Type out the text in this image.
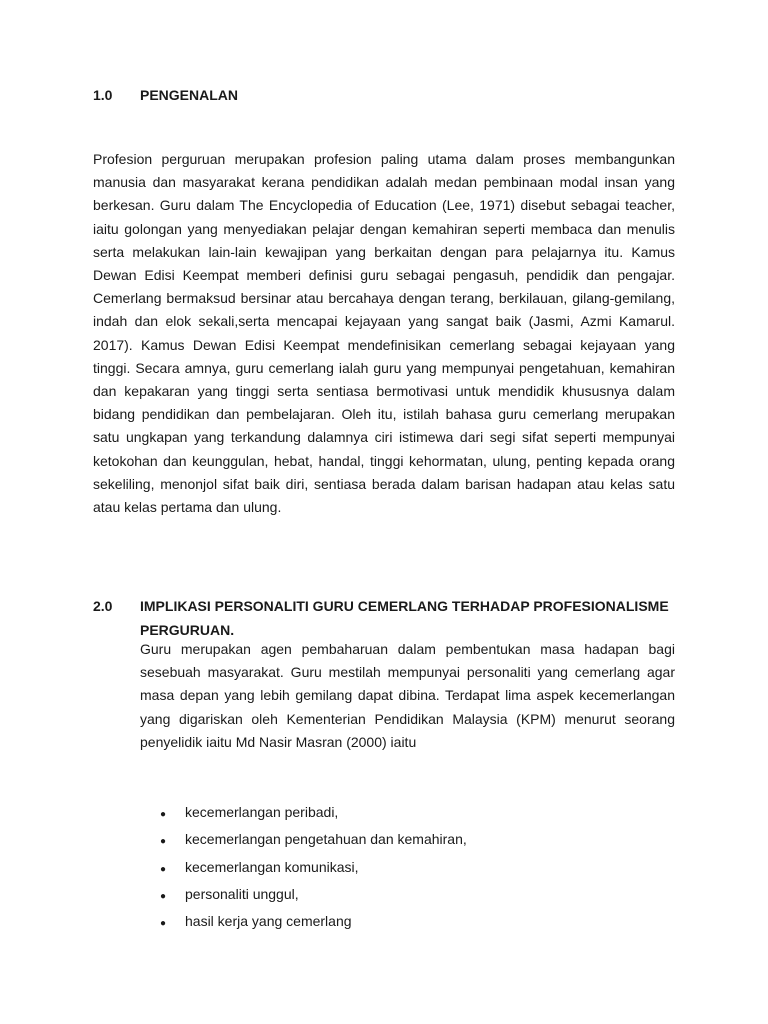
1.0	PENGENALAN

Profesion perguruan merupakan profesion paling utama dalam proses membangunkan manusia dan masyarakat kerana pendidikan adalah medan pembinaan modal insan yang berkesan. Guru dalam The Encyclopedia of Education (Lee, 1971) disebut sebagai teacher, iaitu golongan yang menyediakan pelajar dengan kemahiran seperti membaca dan menulis serta melakukan lain-lain kewajipan yang berkaitan dengan para pelajarnya itu. Kamus Dewan Edisi Keempat memberi definisi guru sebagai pengasuh, pendidik dan pengajar. Cemerlang bermaksud bersinar atau bercahaya dengan terang, berkilauan, gilang-gemilang, indah dan elok sekali,serta mencapai kejayaan yang sangat baik (Jasmi, Azmi Kamarul. 2017). Kamus Dewan Edisi Keempat mendefinisikan cemerlang sebagai kejayaan yang tinggi. Secara amnya, guru cemerlang ialah guru yang mempunyai pengetahuan, kemahiran dan kepakaran yang tinggi serta sentiasa bermotivasi untuk mendidik khususnya dalam bidang pendidikan dan pembelajaran. Oleh itu, istilah bahasa guru cemerlang merupakan satu ungkapan yang terkandung dalamnya ciri istimewa dari segi sifat seperti mempunyai ketokohan dan keunggulan, hebat, handal, tinggi kehormatan, ulung, penting kepada orang sekeliling, menonjol sifat baik diri, sentiasa berada dalam barisan hadapan atau kelas satu atau kelas pertama dan ulung.

2.0	IMPLIKASI PERSONALITI GURU CEMERLANG TERHADAP PROFESIONALISME PERGURUAN.

Guru merupakan agen pembaharuan dalam pembentukan masa hadapan bagi sesebuah masyarakat. Guru mestilah mempunyai personaliti yang cemerlang agar masa depan yang lebih gemilang dapat dibina. Terdapat lima aspek kecemerlangan yang digariskan oleh Kementerian Pendidikan Malaysia (KPM) menurut seorang penyelidik iaitu Md Nasir Masran (2000) iaitu

●	kecemerlangan peribadi,
●	kecemerlangan pengetahuan dan kemahiran,
●	kecemerlangan komunikasi,
●	personaliti unggul,
●	hasil kerja yang cemerlang
